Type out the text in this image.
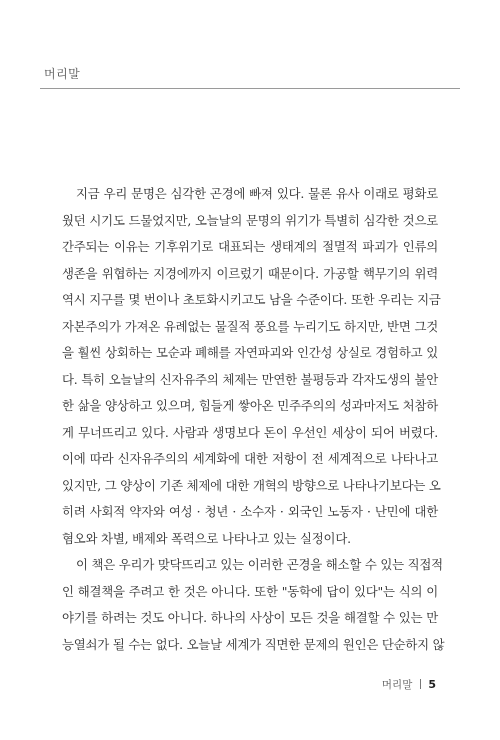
머리말
지금 우리 문명은 심각한 곤경에 빠져 있다. 물론 유사 이래로 평화로
웠던 시기도 드물었지만, 오늘날의 문명의 위기가 특별히 심각한 것으로
간주되는 이유는 기후위기로 대표되는 생태계의 절멸적 파괴가 인류의
생존을 위협하는 지경에까지 이르렀기 때문이다. 가공할 핵무기의 위력
역시 지구를 몇 번이나 초토화시키고도 남을 수준이다. 또한 우리는 지금
자본주의가 가져온 유례없는 물질적 풍요를 누리기도 하지만, 반면 그것
을 훨씬 상회하는 모순과 폐해를 자연파괴와 인간성 상실로 경험하고 있
다. 특히 오늘날의 신자유주의 체제는 만연한 불평등과 각자도생의 불안
한 삶을 양상하고 있으며, 힘들게 쌓아온 민주주의의 성과마저도 처참하
게 무너뜨리고 있다. 사람과 생명보다 돈이 우선인 세상이 되어 버렸다.
이에 따라 신자유주의의 세계화에 대한 저항이 전 세계적으로 나타나고
있지만, 그 양상이 기존 체제에 대한 개혁의 방향으로 나타나기보다는 오
히려 사회적 약자와 여성 · 청년 · 소수자 · 외국인 노동자 · 난민에 대한
혐오와 차별, 배제와 폭력으로 나타나고 있는 실정이다.
이 책은 우리가 맞닥뜨리고 있는 이러한 곤경을 해소할 수 있는 직접적
인 해결책을 주려고 한 것은 아니다. 또한 "동학에 답이 있다"는 식의 이
야기를 하려는 것도 아니다. 하나의 사상이 모든 것을 해결할 수 있는 만
능열쇠가 될 수는 없다. 오늘날 세계가 직면한 문제의 원인은 단순하지 않
머리말 5
